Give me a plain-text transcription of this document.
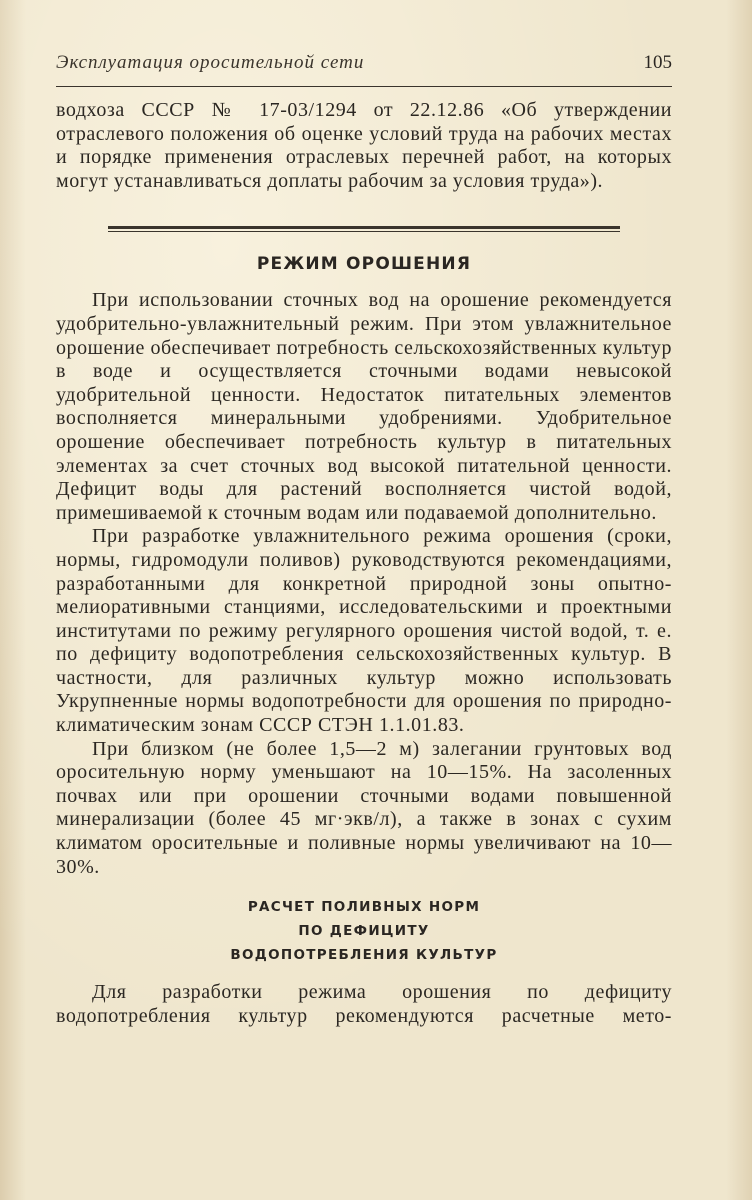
Эксплуатация оросительной сети	105

водхоза СССР № 17-03/1294 от 22.12.86 «Об утверждении отраслевого положения об оценке условий труда на рабочих местах и порядке применения отраслевых перечней работ, на которых могут устанавливаться доплаты рабочим за условия труда»).

РЕЖИМ ОРОШЕНИЯ

При использовании сточных вод на орошение рекомендуется удобрительно-увлажнительный режим. При этом увлажнительное орошение обеспечивает потребность сельскохозяйственных культур в воде и осуществляется сточными водами невысокой удобрительной ценности. Недостаток питательных элементов восполняется минеральными удобрениями. Удобрительное орошение обеспечивает потребность культур в питательных элементах за счет сточных вод высокой питательной ценности. Дефицит воды для растений восполняется чистой водой, примешиваемой к сточным водам или подаваемой дополнительно.

При разработке увлажнительного режима орошения (сроки, нормы, гидромодули поливов) руководствуются рекомендациями, разработанными для конкретной природной зоны опытно-мелиоративными станциями, исследовательскими и проектными институтами по режиму регулярного орошения чистой водой, т. е. по дефициту водопотребления сельскохозяйственных культур. В частности, для различных культур можно использовать Укрупненные нормы водопотребности для орошения по природно-климатическим зонам СССР СТЭН 1.1.01.83.

При близком (не более 1,5—2 м) залегании грунтовых вод оросительную норму уменьшают на 10—15%. На засоленных почвах или при орошении сточными водами повышенной минерализации (более 45 мг·экв/л), а также в зонах с сухим климатом оросительные и поливные нормы увеличивают на 10—30%.

РАСЧЕТ ПОЛИВНЫХ НОРМ
ПО ДЕФИЦИТУ
ВОДОПОТРЕБЛЕНИЯ КУЛЬТУР

Для разработки режима орошения по дефициту водопотребления культур рекомендуются расчетные мето-
